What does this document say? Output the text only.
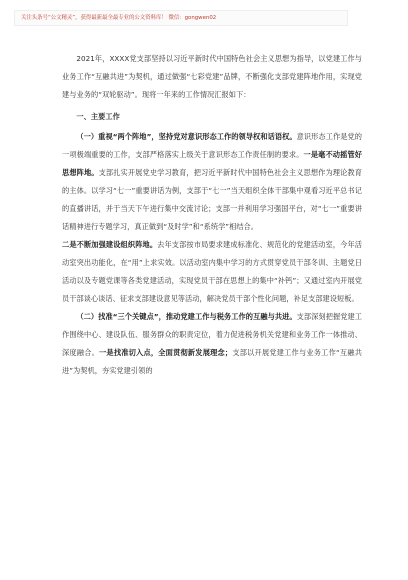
关注头条号“公文精灵”，获得最新最全最专业的公文资料库！ 微信：gongwen02

2021年，XXXX党支部坚持以习近平新时代中国特色社会主义思想为指导，以党建工作与业务工作“互融共进”为契机，通过做强“七彩党建”品牌，不断强化支部党建阵地作用，实现党建与业务的“双轮驱动”。现将一年来的工作情况汇报如下：

一、主要工作

（一）重视“两个阵地”，坚持党对意识形态工作的领导权和话语权。意识形态工作是党的一项极端重要的工作，支部严格落实上级关于意识形态工作责任制的要求。一是毫不动摇管好思想阵地。支部扎实开展党史学习教育，把习近平新时代中国特色社会主义思想作为理论教育的主体。以学习“七一”重要讲话为例，支部于“七一”当天组织全体干部集中观看习近平总书记的直播讲话，并于当天下午进行集中交流讨论；支部一并利用学习强国平台，对“七一”重要讲话精神进行专题学习，真正做到“及时学”和“系统学”相结合。

二是不断加强建设组织阵地。去年支部按市局要求建成标准化、规范化的党建活动室，今年活动室突出功能化，在“用”上求实效。以活动室内集中学习的方式贯穿党员干部冬训、主题党日活动以及专题党课等各类党建活动，实现党员干部在思想上的集中“补钙”；又通过室内开展党员干部谈心谈话、征求支部建设意见等活动，解决党员干部个性化问题，补足支部建设短板。

（二）找准“三个关键点”，推动党建工作与税务工作的互融与共进。支部深刻把握党建工作围绕中心、建设队伍、服务群众的职责定位，着力促进税务机关党建和业务工作一体推动、深度融合。一是找准切入点，全面贯彻新发展理念；支部以开展党建工作与业务工作“互融共进”为契机，夯实党建引领的
